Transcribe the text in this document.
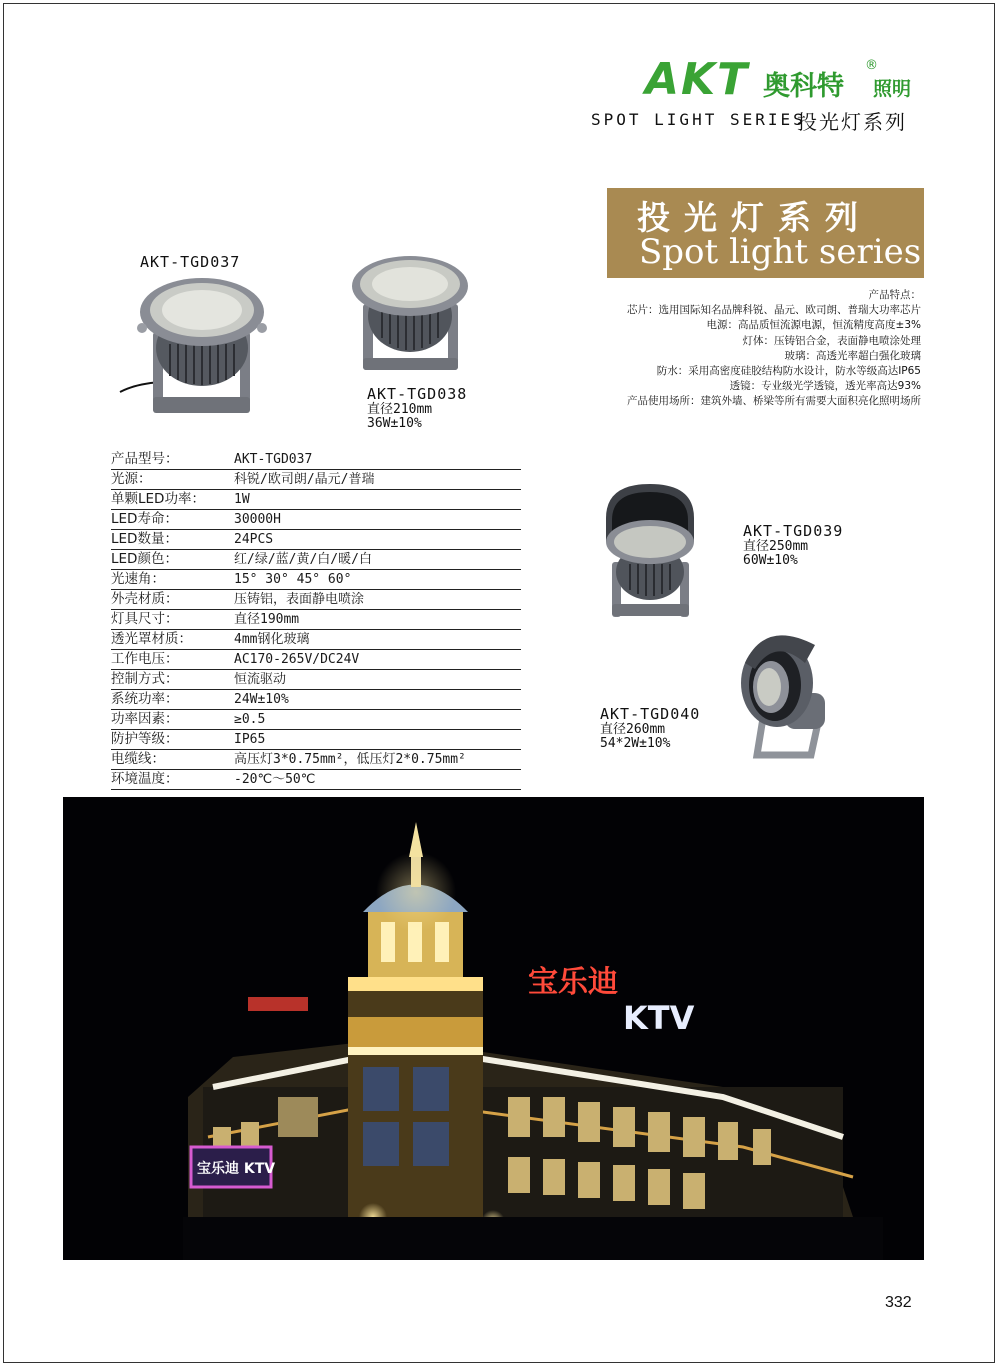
AKT 奥科特
®
照明
SPOT LIGHT SERIES
投光灯系列
投光灯系列
Spot light series
产品特点：
芯片：选用国际知名品牌科锐、晶元、欧司朗、普瑞大功率芯片
电源：高品质恒流源电源，恒流精度高度±3%
灯体：压铸铝合金，表面静电喷涂处理
玻璃：高透光率超白强化玻璃
防水：采用高密度硅胶结构防水设计，防水等级高达IP65
透镜：专业级光学透镜，透光率高达93%
产品使用场所：建筑外墙、桥梁等所有需要大面积亮化照明场所
AKT-TGD037
AKT-TGD038
直径210mm
36W±10%
AKT-TGD039
直径250mm
60W±10%
AKT-TGD040
直径260mm
54*2W±10%
产品型号：	AKT-TGD037
光源：	科锐/欧司朗/晶元/普瑞
单颗LED功率： 1W
LED寿命：	30000H
LED数量：	24PCS
LED颜色：	红/绿/蓝/黄/白/暖/白
光速角：	15° 30° 45° 60°
外壳材质：	压铸铝，表面静电喷涂
灯具尺寸：	直径190mm
透光罩材质：	4mm钢化玻璃
工作电压：	AC170-265V/DC24V
控制方式：	恒流驱动
系统功率：	24W±10%
功率因素：	≥0.5
防护等级：	IP65
电缆线：	高压灯3*0.75mm²，低压灯2*0.75mm²
环境温度：	-20℃～50℃
宝乐迪
KTV
宝乐迪 KTV
332
